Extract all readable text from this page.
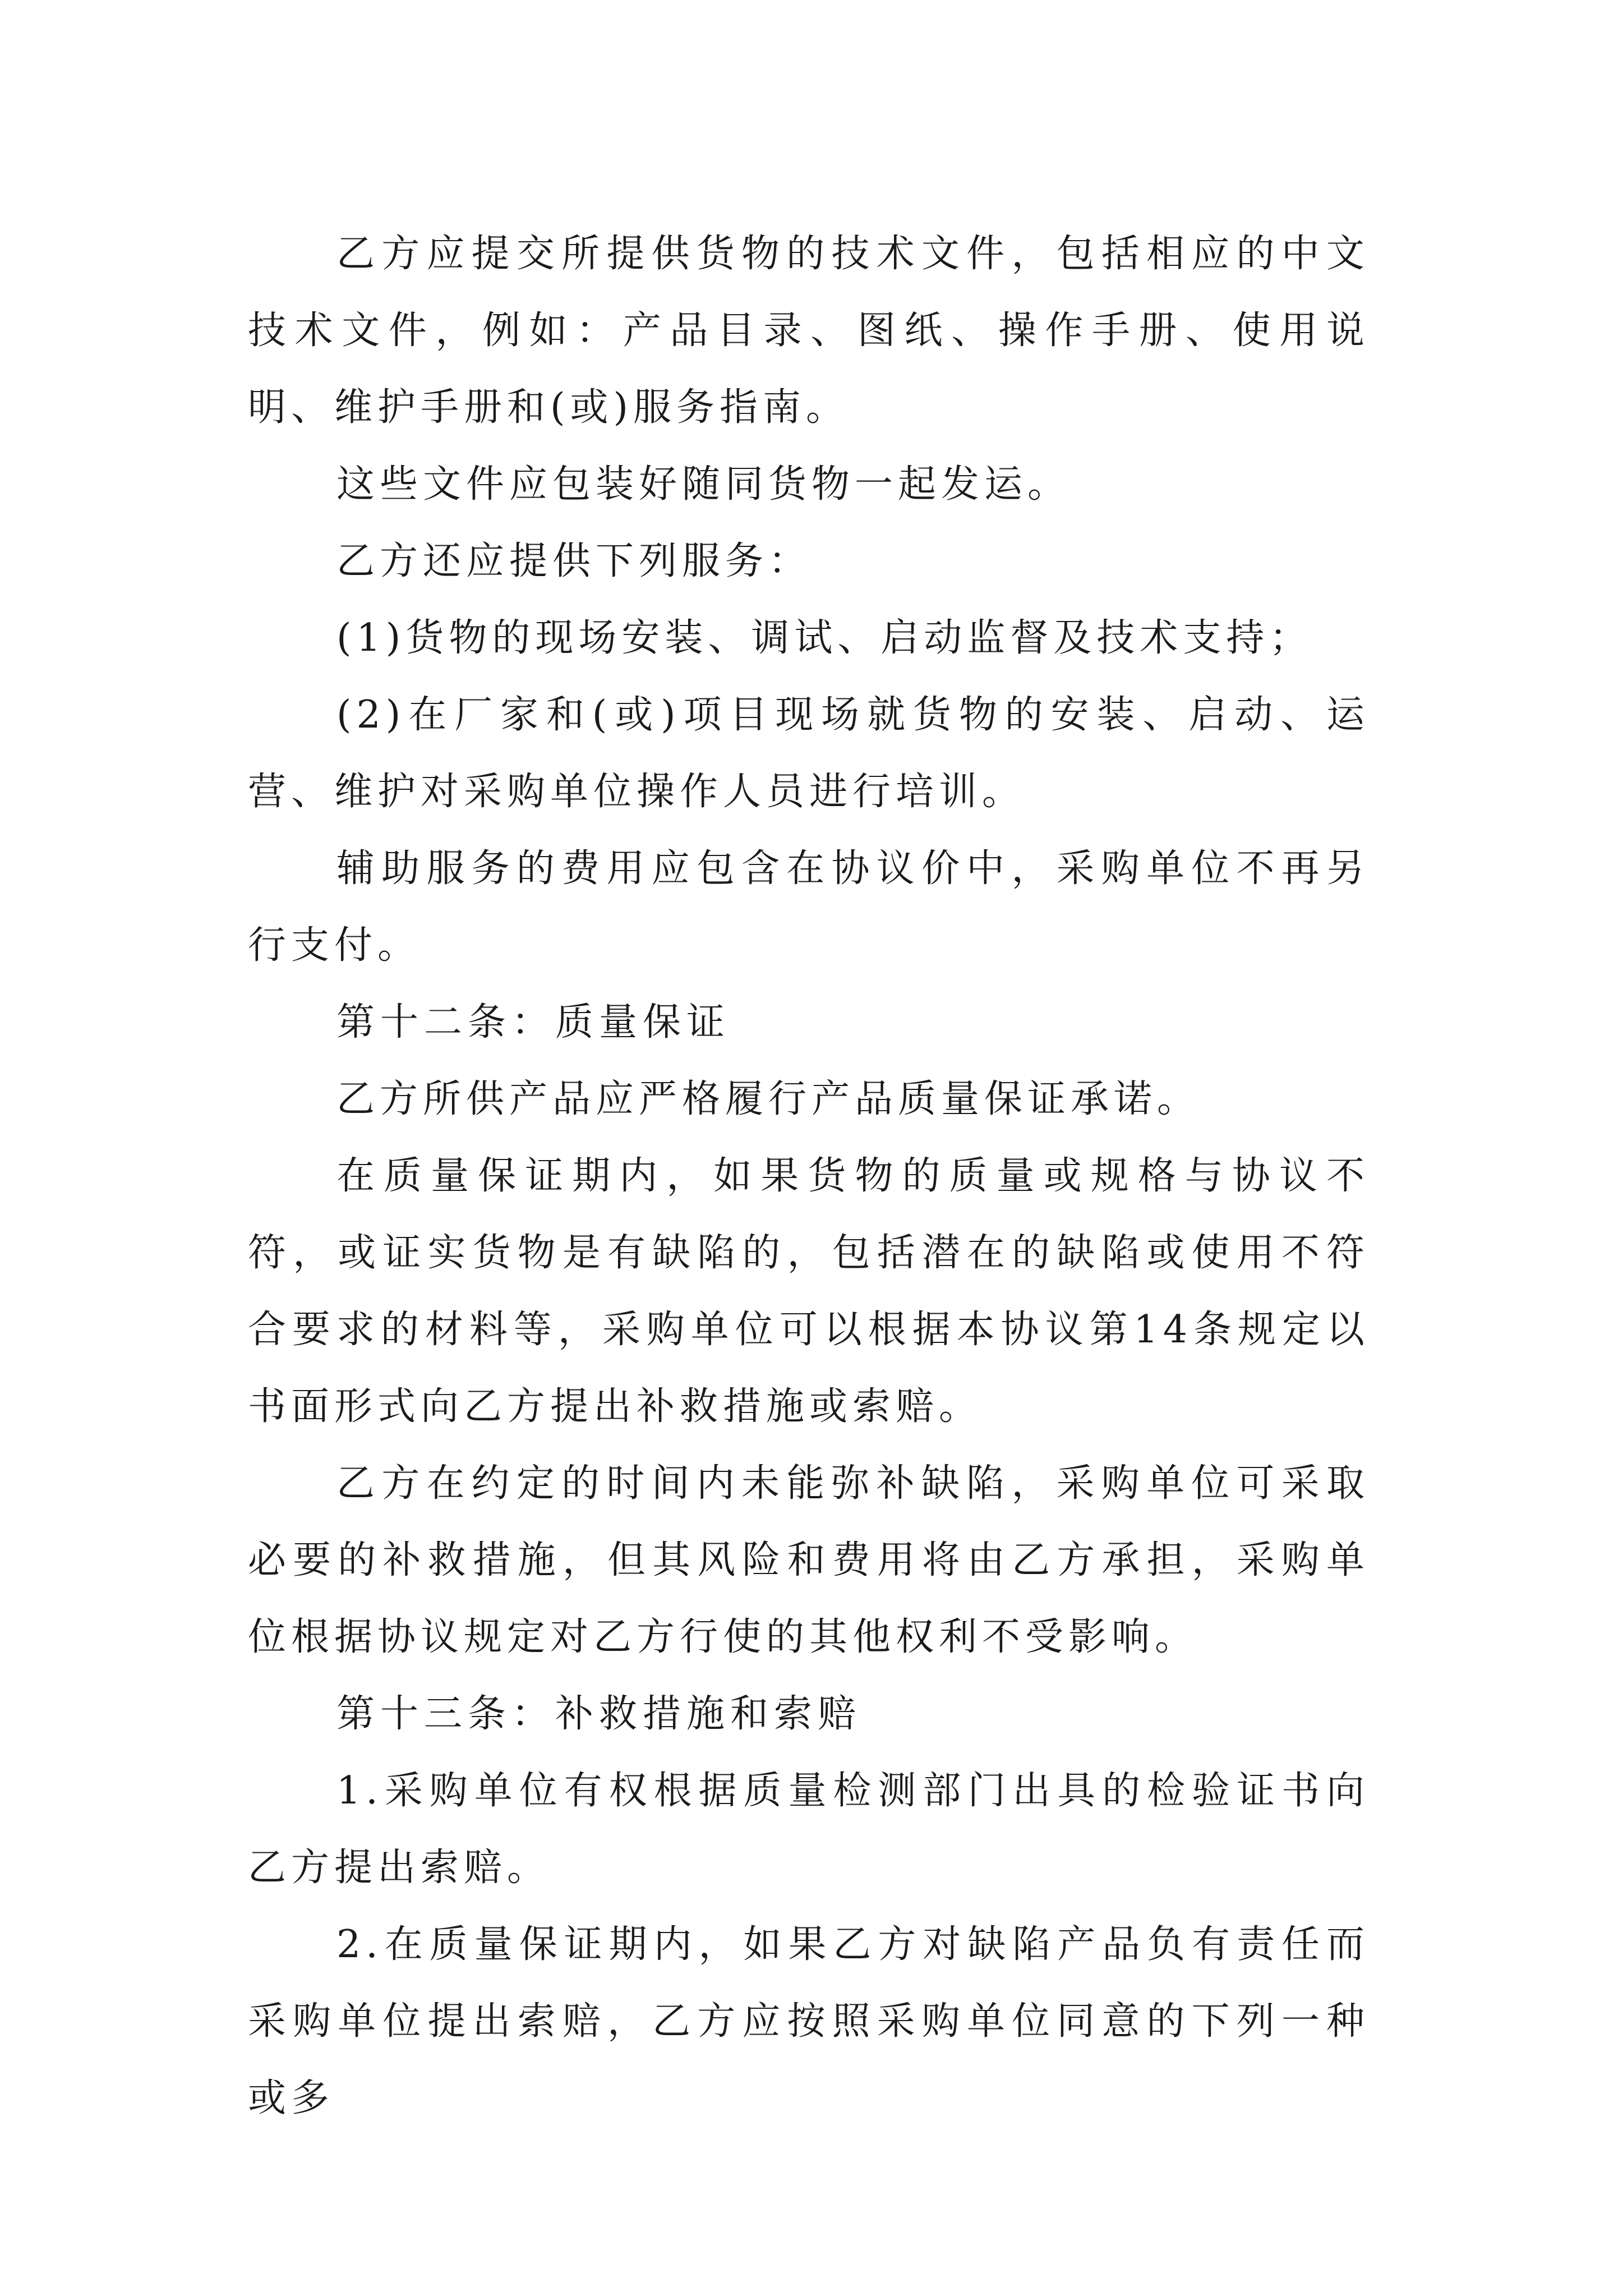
乙方应提交所提供货物的技术文件，包括相应的中文技术文件，例如：产品目录、图纸、操作手册、使用说明、维护手册和(或)服务指南。

这些文件应包装好随同货物一起发运。

乙方还应提供下列服务：

(1)货物的现场安装、调试、启动监督及技术支持；

(2)在厂家和(或)项目现场就货物的安装、启动、运营、维护对采购单位操作人员进行培训。

辅助服务的费用应包含在协议价中，采购单位不再另行支付。

第十二条：质量保证

乙方所供产品应严格履行产品质量保证承诺。

在质量保证期内，如果货物的质量或规格与协议不符，或证实货物是有缺陷的，包括潜在的缺陷或使用不符合要求的材料等，采购单位可以根据本协议第14条规定以书面形式向乙方提出补救措施或索赔。

乙方在约定的时间内未能弥补缺陷，采购单位可采取必要的补救措施，但其风险和费用将由乙方承担，采购单位根据协议规定对乙方行使的其他权利不受影响。

第十三条：补救措施和索赔

1.采购单位有权根据质量检测部门出具的检验证书向乙方提出索赔。

2.在质量保证期内，如果乙方对缺陷产品负有责任而采购单位提出索赔，乙方应按照采购单位同意的下列一种或多
